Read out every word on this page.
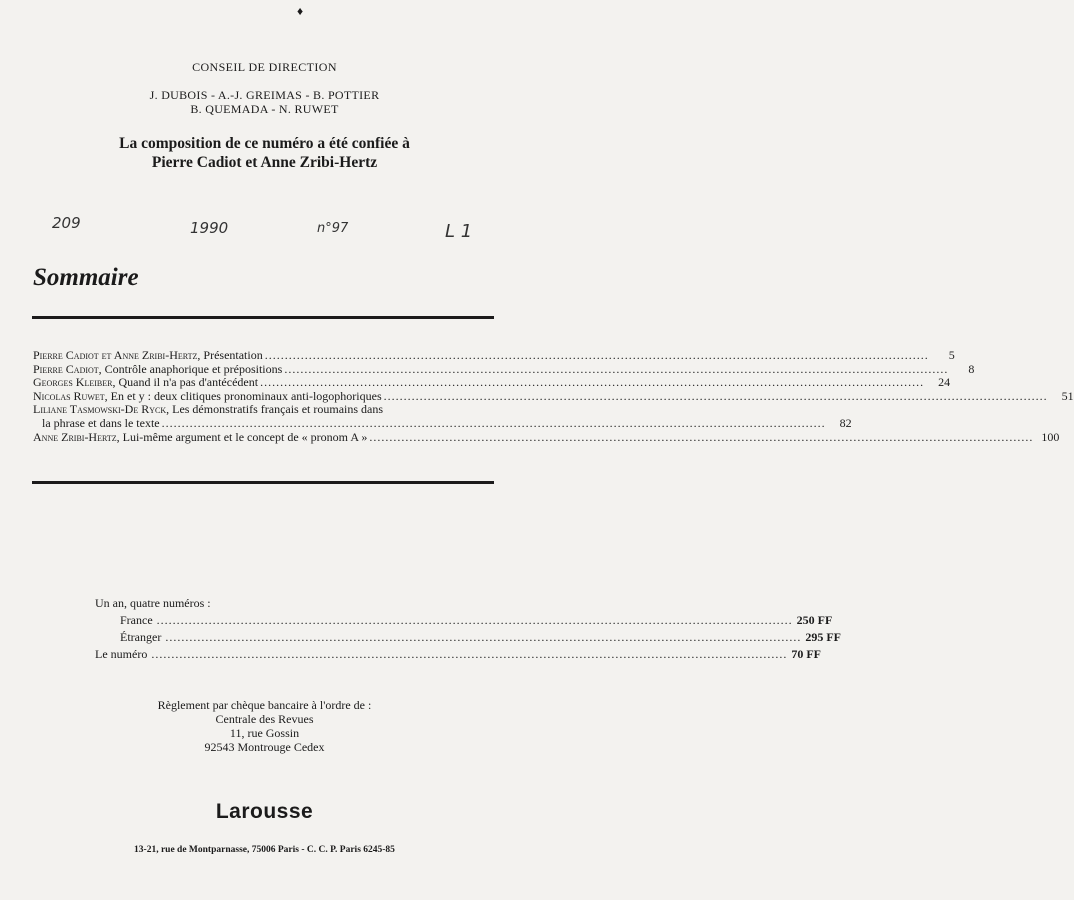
♦
CONSEIL DE DIRECTION
J. DUBOIS - A.-J. GREIMAS - B. POTTIER
B. QUEMADA - N. RUWET
La composition de ce numéro a été confiée à
Pierre Cadiot et Anne Zribi-Hertz
209	1990	n°97	L 1
Sommaire
Pierre Cadiot et Anne Zribi-Hertz, Présentation .....	5
Pierre Cadiot, Contrôle anaphorique et prépositions .....	8
Georges Kleiber, Quand il n'a pas d'antécédent .....	24
Nicolas Ruwet, En et y : deux clitiques pronominaux anti-logophoriques .....	51
Liliane Tasmowski-De Ryck, Les démonstratifs français et roumains dans
la phrase et dans le texte .....	82
Anne Zribi-Hertz, Lui-même argument et le concept de « pronom A » .....	100
Un an, quatre numéros :
France .....	250 FF
Étranger .....	295 FF
Le numéro .....	70 FF
Règlement par chèque bancaire à l'ordre de :
Centrale des Revues
11, rue Gossin
92543 Montrouge Cedex
Larousse
13-21, rue de Montparnasse, 75006 Paris - C. C. P. Paris 6245-85
